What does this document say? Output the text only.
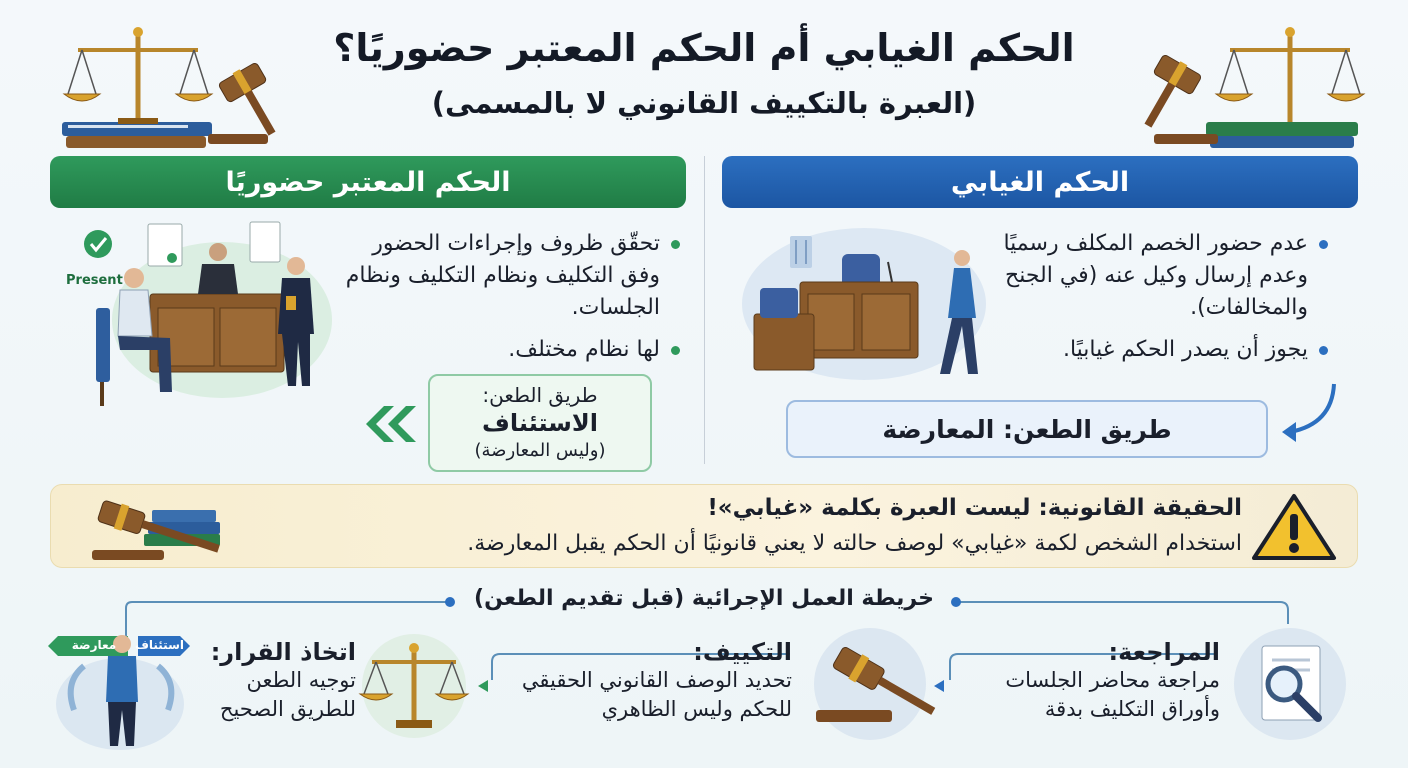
الحكم الغيابي أم الحكم المعتبر حضوريًا؟
(العبرة بالتكييف القانوني لا بالمسمى)
الحكم الغيابي
الحكم المعتبر حضوريًا
عدم حضور الخصم المكلف رسميًا وعدم إرسال وكيل عنه (في الجنح والمخالفات).
يجوز أن يصدر الحكم غيابيًا.
طريق الطعن: المعارضة
تحقّق ظروف وإجراءات الحضور وفق التكليف ونظام التكليف ونظام الجلسات.
لها نظام مختلف.
Present
طريق الطعن:
الاستئناف
(وليس المعارضة)
الحقيقة القانونية: ليست العبرة بكلمة «غيابي»!
استخدام الشخص لكمة «غيابي» لوصف حالته لا يعني قانونيًا أن الحكم يقبل المعارضة.
خريطة العمل الإجرائية (قبل تقديم الطعن)
المراجعة:
مراجعة محاضر الجلسات وأوراق التكليف بدقة
التكييف:
تحديد الوصف القانوني الحقيقي للحكم وليس الظاهري
اتخاذ القرار:
توجيه الطعن للطريق الصحيح
معارضة	استئناف
